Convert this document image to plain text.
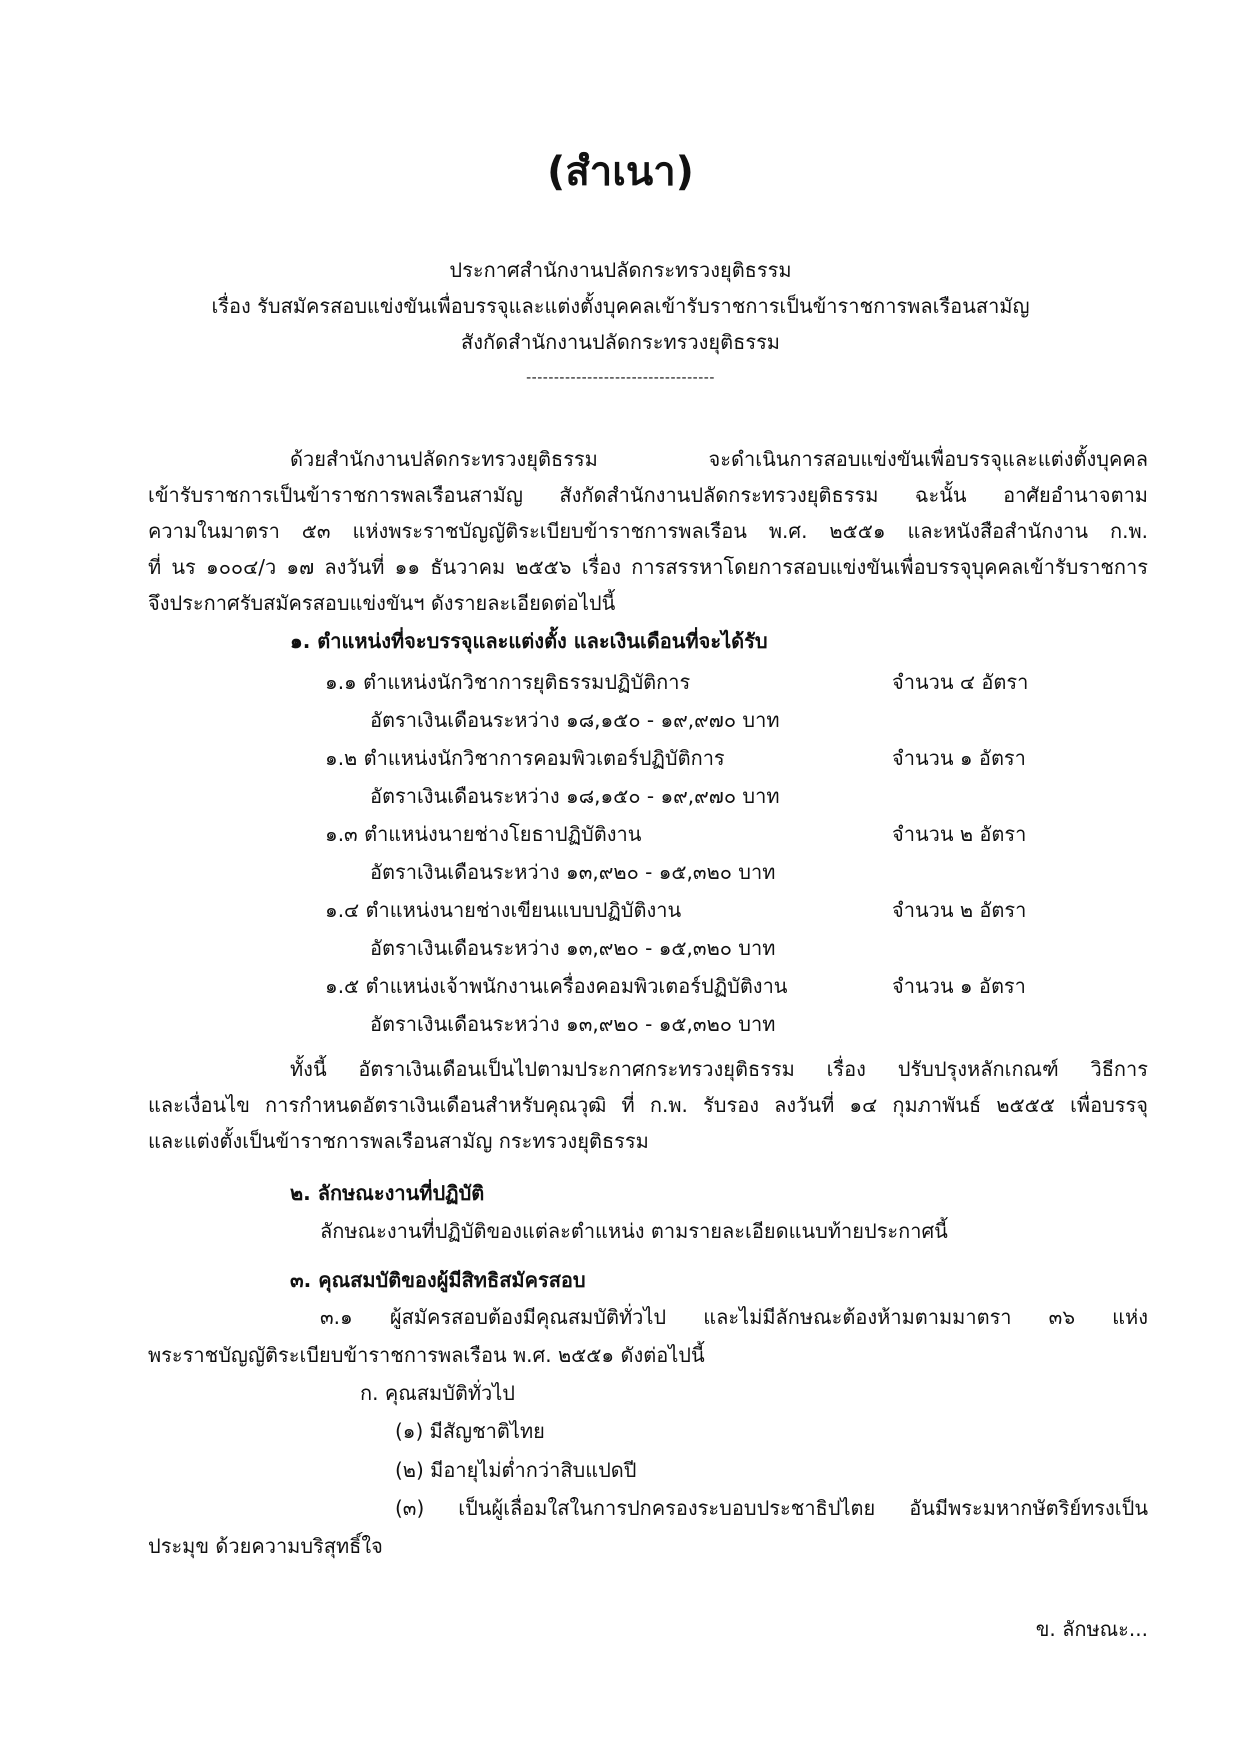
(สำเนา)
ประกาศสำนักงานปลัดกระทรวงยุติธรรม
เรื่อง รับสมัครสอบแข่งขันเพื่อบรรจุและแต่งตั้งบุคคลเข้ารับราชการเป็นข้าราชการพลเรือนสามัญ
สังกัดสำนักงานปลัดกระทรวงยุติธรรม
----------------------------------
ด้วยสำนักงานปลัดกระทรวงยุติธรรม จะดำเนินการสอบแข่งขันเพื่อบรรจุและแต่งตั้งบุคคล
เข้ารับราชการเป็นข้าราชการพลเรือนสามัญ สังกัดสำนักงานปลัดกระทรวงยุติธรรม ฉะนั้น อาศัยอำนาจตาม
ความในมาตรา ๕๓ แห่งพระราชบัญญัติระเบียบข้าราชการพลเรือน พ.ศ. ๒๕๕๑ และหนังสือสำนักงาน ก.พ.
ที่ นร ๑๐๐๔/ว ๑๗ ลงวันที่ ๑๑ ธันวาคม ๒๕๕๖ เรื่อง การสรรหาโดยการสอบแข่งขันเพื่อบรรจุบุคคลเข้ารับราชการ
จึงประกาศรับสมัครสอบแข่งขันฯ ดังรายละเอียดต่อไปนี้
๑. ตำแหน่งที่จะบรรจุและแต่งตั้ง และเงินเดือนที่จะได้รับ
๑.๑ ตำแหน่งนักวิชาการยุติธรรมปฏิบัติการ	จำนวน ๔ อัตรา
อัตราเงินเดือนระหว่าง ๑๘,๑๕๐ - ๑๙,๙๗๐ บาท
๑.๒ ตำแหน่งนักวิชาการคอมพิวเตอร์ปฏิบัติการ	จำนวน ๑ อัตรา
อัตราเงินเดือนระหว่าง ๑๘,๑๕๐ - ๑๙,๙๗๐ บาท
๑.๓ ตำแหน่งนายช่างโยธาปฏิบัติงาน	จำนวน ๒ อัตรา
อัตราเงินเดือนระหว่าง ๑๓,๙๒๐ - ๑๕,๓๒๐ บาท
๑.๔ ตำแหน่งนายช่างเขียนแบบปฏิบัติงาน	จำนวน ๒ อัตรา
อัตราเงินเดือนระหว่าง ๑๓,๙๒๐ - ๑๕,๓๒๐ บาท
๑.๕ ตำแหน่งเจ้าพนักงานเครื่องคอมพิวเตอร์ปฏิบัติงาน	จำนวน ๑ อัตรา
อัตราเงินเดือนระหว่าง ๑๓,๙๒๐ - ๑๕,๓๒๐ บาท
ทั้งนี้ อัตราเงินเดือนเป็นไปตามประกาศกระทรวงยุติธรรม เรื่อง ปรับปรุงหลักเกณฑ์ วิธีการ
และเงื่อนไข การกำหนดอัตราเงินเดือนสำหรับคุณวุฒิ ที่ ก.พ. รับรอง ลงวันที่ ๑๔ กุมภาพันธ์ ๒๕๕๕ เพื่อบรรจุ
และแต่งตั้งเป็นข้าราชการพลเรือนสามัญ กระทรวงยุติธรรม
๒. ลักษณะงานที่ปฏิบัติ
ลักษณะงานที่ปฏิบัติของแต่ละตำแหน่ง ตามรายละเอียดแนบท้ายประกาศนี้
๓. คุณสมบัติของผู้มีสิทธิสมัครสอบ
๓.๑ ผู้สมัครสอบต้องมีคุณสมบัติทั่วไป และไม่มีลักษณะต้องห้ามตามมาตรา ๓๖ แห่ง
พระราชบัญญัติระเบียบข้าราชการพลเรือน พ.ศ. ๒๕๕๑ ดังต่อไปนี้
ก. คุณสมบัติทั่วไป
(๑) มีสัญชาติไทย
(๒) มีอายุไม่ต่ำกว่าสิบแปดปี
(๓) เป็นผู้เลื่อมใสในการปกครองระบอบประชาธิปไตย อันมีพระมหากษัตริย์ทรงเป็น
ประมุข ด้วยความบริสุทธิ์ใจ
ข. ลักษณะ...
